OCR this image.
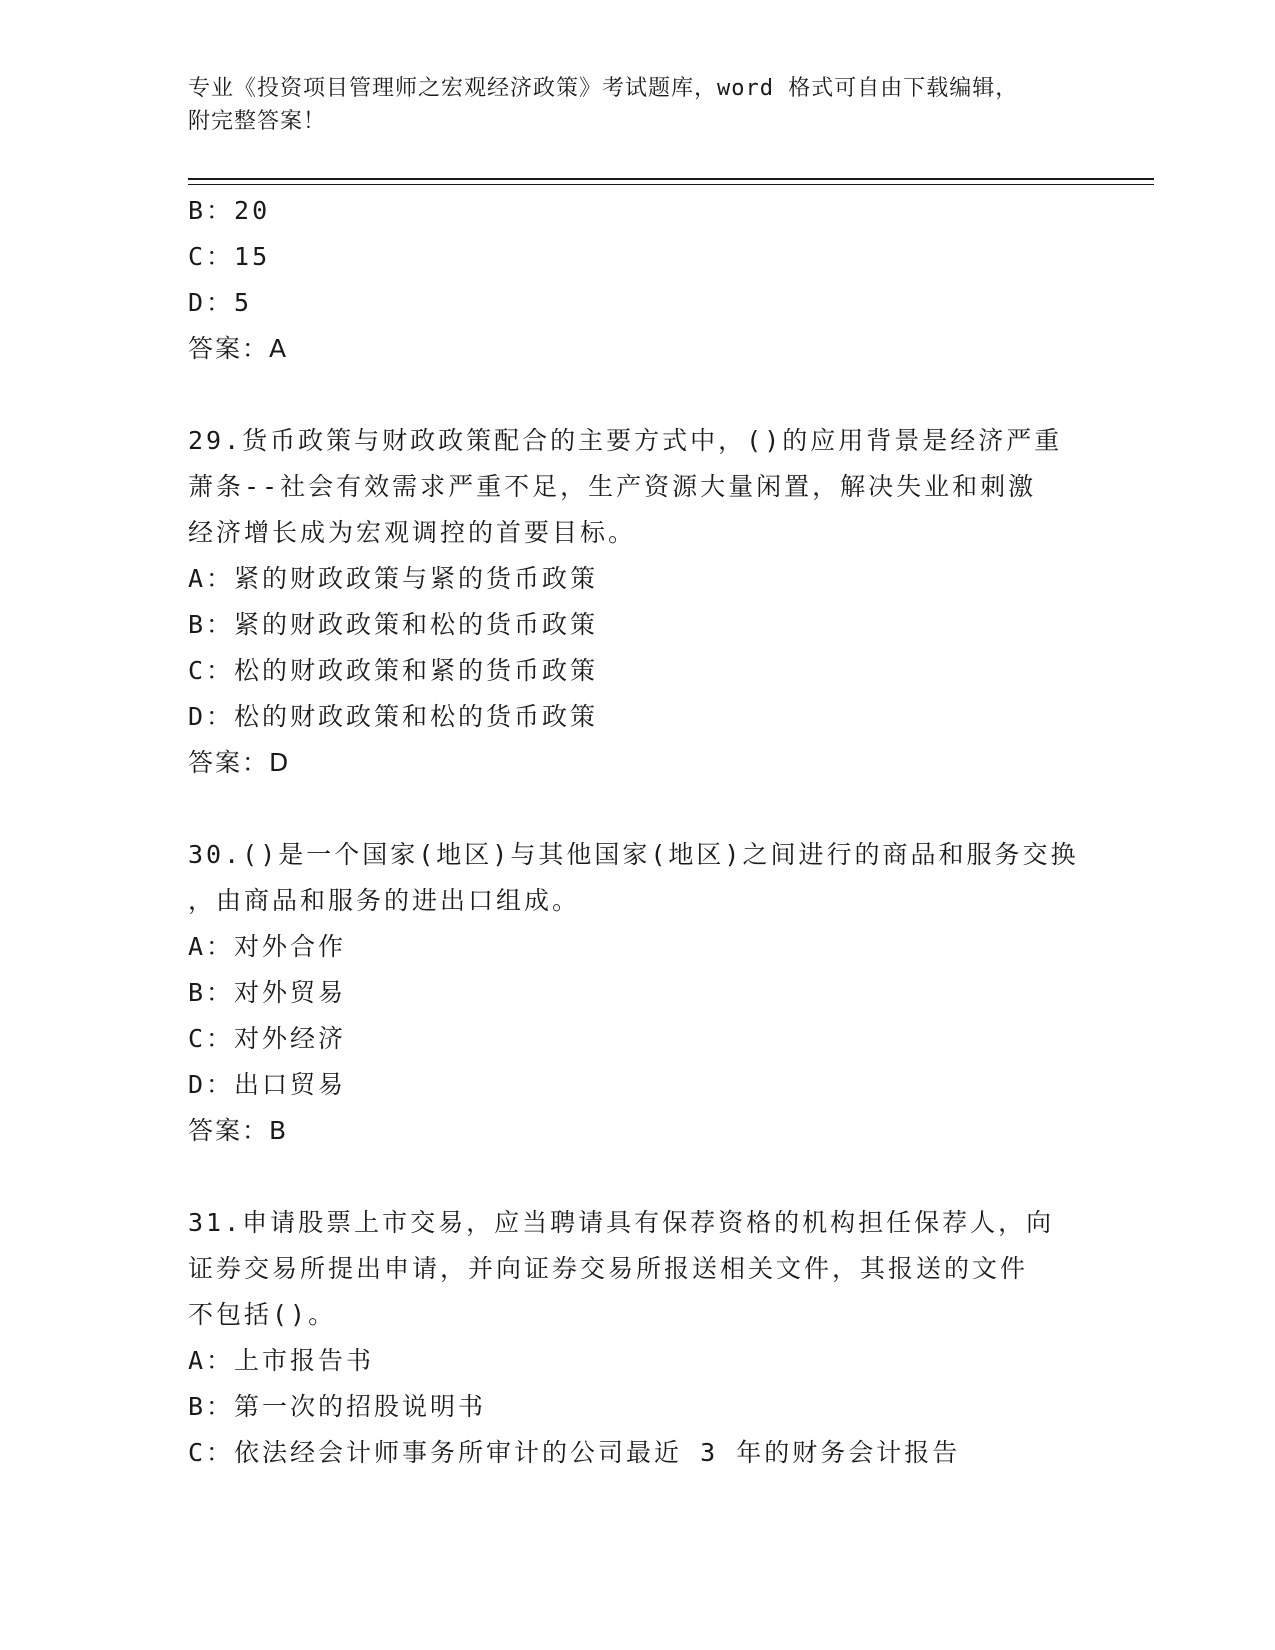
专业《投资项目管理师之宏观经济政策》考试题库，word 格式可自由下载编辑，
附完整答案！
B：20
C：15
D：5
答案：A
29.货币政策与财政政策配合的主要方式中，()的应用背景是经济严重
萧条--社会有效需求严重不足，生产资源大量闲置，解决失业和刺激
经济增长成为宏观调控的首要目标。
A：紧的财政政策与紧的货币政策
B：紧的财政政策和松的货币政策
C：松的财政政策和紧的货币政策
D：松的财政政策和松的货币政策
答案：D
30.()是一个国家(地区)与其他国家(地区)之间进行的商品和服务交换
，由商品和服务的进出口组成。
A：对外合作
B：对外贸易
C：对外经济
D：出口贸易
答案：B
31.申请股票上市交易，应当聘请具有保荐资格的机构担任保荐人，向
证券交易所提出申请，并向证券交易所报送相关文件，其报送的文件
不包括()。
A：上市报告书
B：第一次的招股说明书
C：依法经会计师事务所审计的公司最近 3 年的财务会计报告
